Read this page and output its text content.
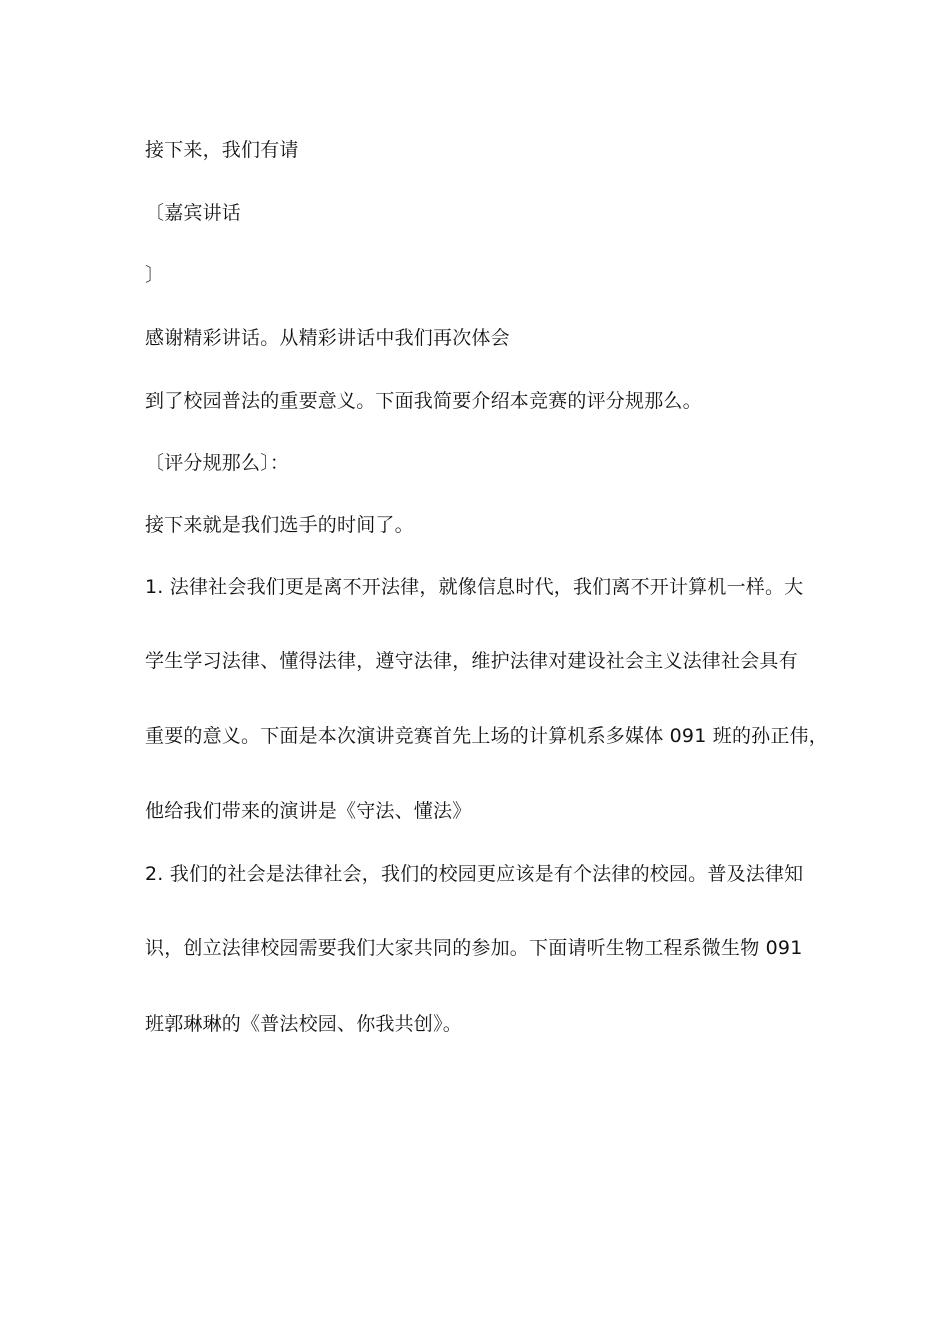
接下来，我们有请
〔嘉宾讲话
〕
感谢精彩讲话。从精彩讲话中我们再次体会
到了校园普法的重要意义。下面我简要介绍本竞赛的评分规那么。
〔评分规那么〕：
接下来就是我们选手的时间了。
1. 法律社会我们更是离不开法律，就像信息时代，我们离不开计算机一样。大
学生学习法律、懂得法律，遵守法律，维护法律对建设社会主义法律社会具有
重要的意义。下面是本次演讲竞赛首先上场的计算机系多媒体 091 班的孙正伟，
他给我们带来的演讲是《守法、懂法》
2. 我们的社会是法律社会，我们的校园更应该是有个法律的校园。普及法律知
识，创立法律校园需要我们大家共同的参加。下面请听生物工程系微生物 091
班郭琳琳的《普法校园、你我共创》。
